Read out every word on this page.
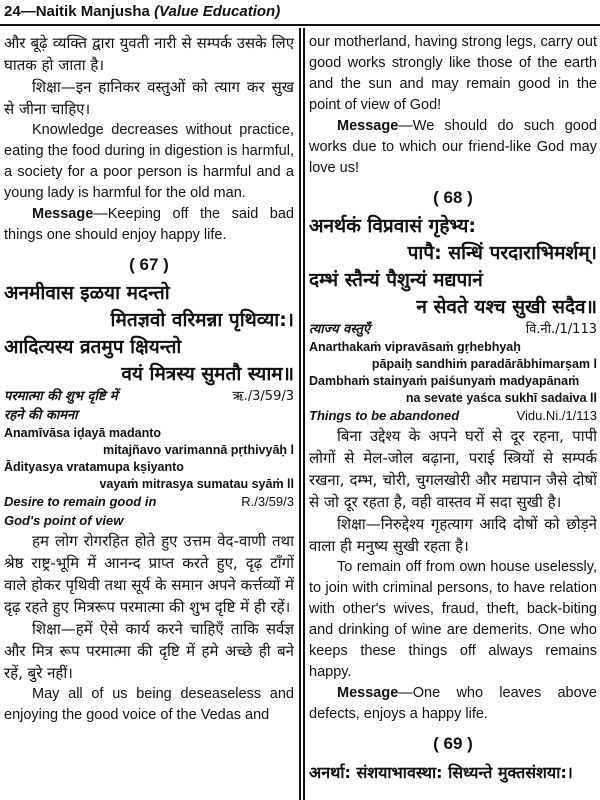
24—Naitik Manjusha (Value Education)

और बूढ़े व्यक्ति द्वारा युवती नारी से सम्पर्क उसके लिए घातक हो जाता है।

शिक्षा—इन हानिकर वस्तुओं को त्याग कर सुख से जीना चाहिए।

Knowledge decreases without practice, eating the food during in digestion is harmful, a society for a poor person is harmful and a young lady is harmful for the old man.

Message—Keeping off the said bad things one should enjoy happy life.

( 67 )

अनमीवास इळया मदन्तो

मितज्ञवो वरिमन्ना पृथिव्या:।

आदित्यस्य व्रतमुप क्षियन्तो

वयं मित्रस्य सुमतौ स्याम॥

परमात्मा की शुभ दृष्टि में	ऋ./3/59/3

रहने की कामना

Anamīvāsa iḍayā madanto

mitajñavo varimannā pṛthivyāḥ l

Ādityasya vratamupa kṣiyanto

vayaṁ mitrasya sumatau syāṁ ll

Desire to remain good in	R./3/59/3

God's point of view

हम लोग रोगरहित होते हुए उत्तम वेद-वाणी तथा श्रेष्ठ राष्ट्र-भूमि में आनन्द प्राप्त करते हुए, दृढ़ टाँगों वाले होकर पृथिवी तथा सूर्य के समान अपने कर्त्तव्यों में दृढ़ रहते हुए मित्ररूप परमात्मा की शुभ दृष्टि में ही रहें।

शिक्षा—हमें ऐसे कार्य करने चाहिएँ ताकि सर्वज्ञ और मित्र रूप परमात्मा की दृष्टि में हमे अच्छे ही बने रहें, बुरे नहीं।

May all of us being deseaseless and enjoying the good voice of the Vedas and

our motherland, having strong legs, carry out good works strongly like those of the earth and the sun and may remain good in the point of view of God!

Message—We should do such good works due to which our friend-like God may love us!

( 68 )

अनर्थकं विप्रवासं गृहेभ्य:

पापै: सन्धिं परदाराभिमर्शम्।

दम्भं स्तैन्यं पैशुन्यं मद्यपानं

न सेवते यश्च सुखी सदैव॥

त्याज्य वस्तुएँ	वि.नी./1/113

Anarthakaṁ vipravāsaṁ gṛhebhyaḥ

pāpaiḥ sandhiṁ paradārābhimarṣam l

Dambhaṁ stainyaṁ paiśunyaṁ madyapānaṁ

na sevate yaśca sukhī sadaiva ll

Things to be abandoned	Vidu.Ni./1/113

बिना उद्देश्य के अपने घरों से दूर रहना, पापी लोगों से मेल-जोल बढ़ाना, पराई स्त्रियों से सम्पर्क रखना, दम्भ, चोरी, चुगलखोरी और मद्यपान जैसे दोषों से जो दूर रहता है, वही वास्तव में सदा सुखी है।

शिक्षा—निरुद्देश्य गृहत्याग आदि दोषों को छोड़ने वाला ही मनुष्य सुखी रहता है।

To remain off from own house uselessly, to join with criminal persons, to have relation with other's wives, fraud, theft, back-biting and drinking of wine are demerits. One who keeps these things off always remains happy.

Message—One who leaves above defects, enjoys a happy life.

( 69 )

अनर्था: संशयाभावस्था: सिध्यन्ते मुक्तसंशया:।
